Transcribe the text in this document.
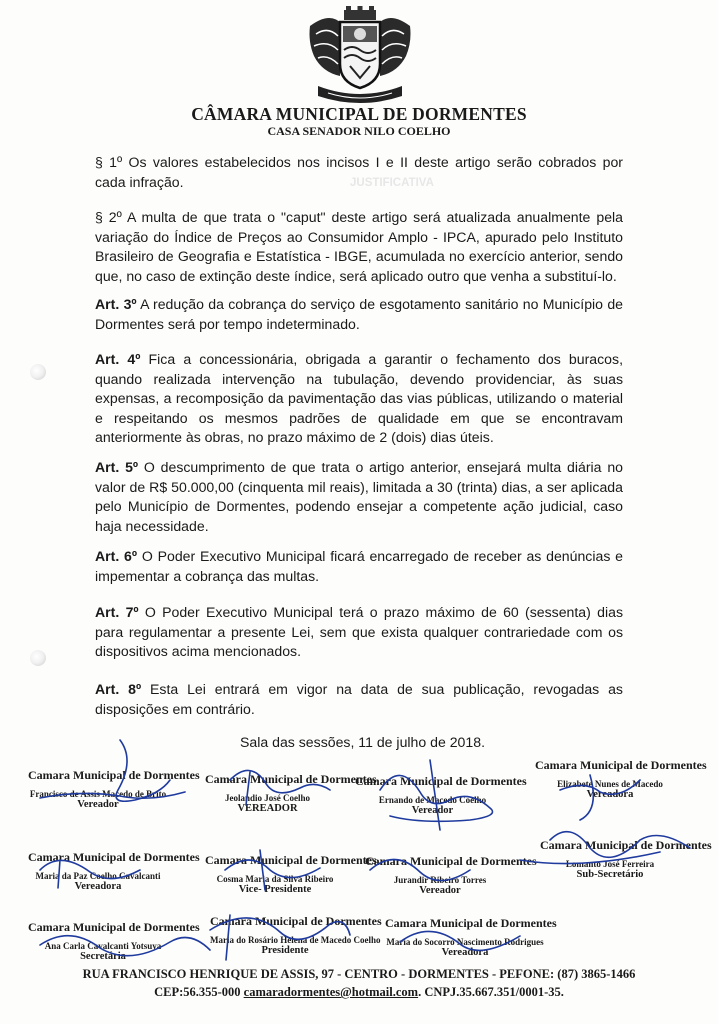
JUSTIFICATIVA
CÂMARA MUNICIPAL DE DORMENTES
CASA SENADOR NILO COELHO

§ 1º Os valores estabelecidos nos incisos I e II deste artigo serão cobrados por cada infração.

§ 2º A multa de que trata o "caput" deste artigo será atualizada anualmente pela variação do Índice de Preços ao Consumidor Amplo - IPCA, apurado pelo Instituto Brasileiro de Geografia e Estatística - IBGE, acumulada no exercício anterior, sendo que, no caso de extinção deste índice, será aplicado outro que venha a substituí-lo.

Art. 3º A redução da cobrança do serviço de esgotamento sanitário no Município de Dormentes será por tempo indeterminado.

Art. 4º Fica a concessionária, obrigada a garantir o fechamento dos buracos, quando realizada intervenção na tubulação, devendo providenciar, às suas expensas, a recomposição da pavimentação das vias públicas, utilizando o material e respeitando os mesmos padrões de qualidade em que se encontravam anteriormente às obras, no prazo máximo de 2 (dois) dias úteis.

Art. 5º O descumprimento de que trata o artigo anterior, ensejará multa diária no valor de R$ 50.000,00 (cinquenta mil reais), limitada a 30 (trinta) dias, a ser aplicada pelo Município de Dormentes, podendo ensejar a competente ação judicial, caso haja necessidade.

Art. 6º O Poder Executivo Municipal ficará encarregado de receber as denúncias e impementar a cobrança das multas.

Art. 7º O Poder Executivo Municipal terá o prazo máximo de 60 (sessenta) dias para regulamentar a presente Lei, sem que exista qualquer contrariedade com os dispositivos acima mencionados.

Art. 8º Esta Lei entrará em vigor na data de sua publicação, revogadas as disposições em contrário.

Sala das sessões, 11 de julho de 2018.
Camara Municipal de Dormentes
Francisco de Assis Macedo de Brito
Vereador
Camara Municipal de Dormentes
Jeolandio José Coelho
VEREADOR
Camara Municipal de Dormentes
Ernando de Macedo Coelho
Vereador
Camara Municipal de Dormentes
Elizabete Nunes de Macedo
Vereadora
Camara Municipal de Dormentes
Maria da Paz Coelho Cavalcanti
Vereadora
Camara Municipal de Dormentes
Cosma Maria da Silva Ribeiro
Vice- Presidente
Camara Municipal de Dormentes
Jurandir Ribeiro Torres
Vereador
Camara Municipal de Dormentes
Lomanto José Ferreira
Sub-Secretário
Camara Municipal de Dormentes
Ana Carla Cavalcanti Yotsuya
Secretária
Camara Municipal de Dormentes
Maria do Rosário Helena de Macedo Coelho
Presidente
Camara Municipal de Dormentes
Maria do Socorro Nascimento Rodrigues
Vereadora
RUA FRANCISCO HENRIQUE DE ASSIS, 97 - CENTRO - DORMENTES - PEFONE: (87) 3865-1466
CEP:56.355-000 camaradormentes@hotmail.com. CNPJ.35.667.351/0001-35.
